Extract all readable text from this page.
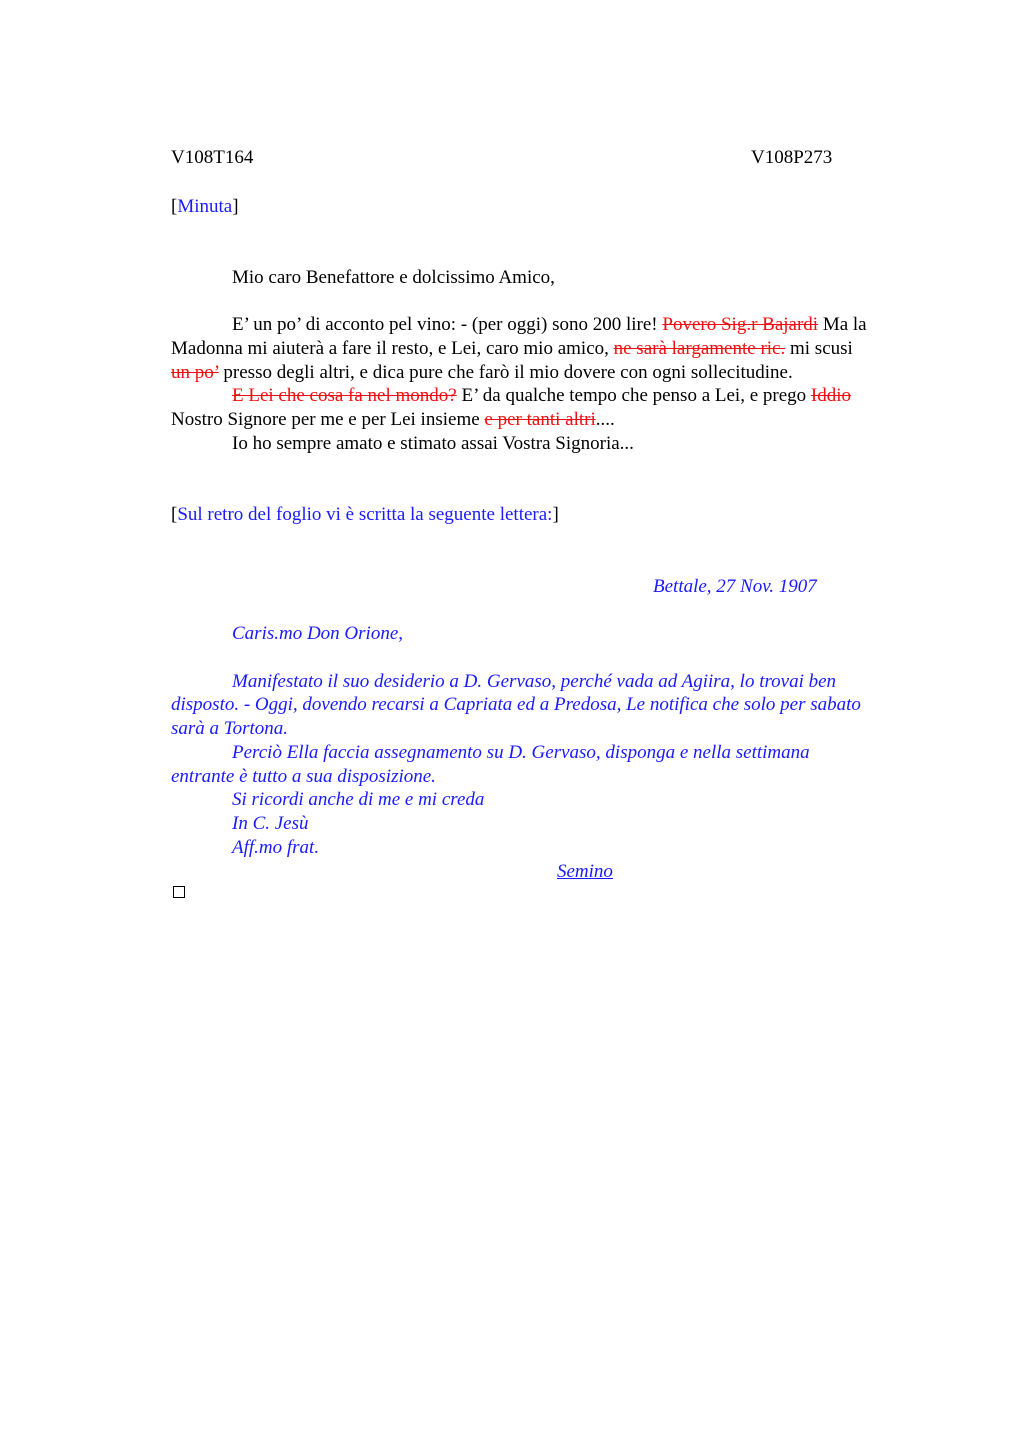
V108T164	V108P273
[Minuta]
Mio caro Benefattore e dolcissimo Amico,
E’ un po’ di acconto pel vino: - (per oggi) sono 200 lire! Povero Sig.r Bajardi Ma la
Madonna mi aiuterà a fare il resto, e Lei, caro mio amico, ne sarà largamente ric. mi scusi
un po’ presso degli altri, e dica pure che farò il mio dovere con ogni sollecitudine.
E Lei che cosa fa nel mondo? E’ da qualche tempo che penso a Lei, e prego Iddio
Nostro Signore per me e per Lei insieme e per tanti altri....
Io ho sempre amato e stimato assai Vostra Signoria...
[Sul retro del foglio vi è scritta la seguente lettera:]
Bettale, 27 Nov. 1907
Caris.mo Don Orione,
Manifestato il suo desiderio a D. Gervaso, perché vada ad Agiira, lo trovai ben
disposto. - Oggi, dovendo recarsi a Capriata ed a Predosa, Le notifica che solo per sabato
sarà a Tortona.
Perciò Ella faccia assegnamento su D. Gervaso, disponga e nella settimana
entrante è tutto a sua disposizione.
Si ricordi anche di me e mi creda
In C. Jesù
Aff.mo frat.
Semino
